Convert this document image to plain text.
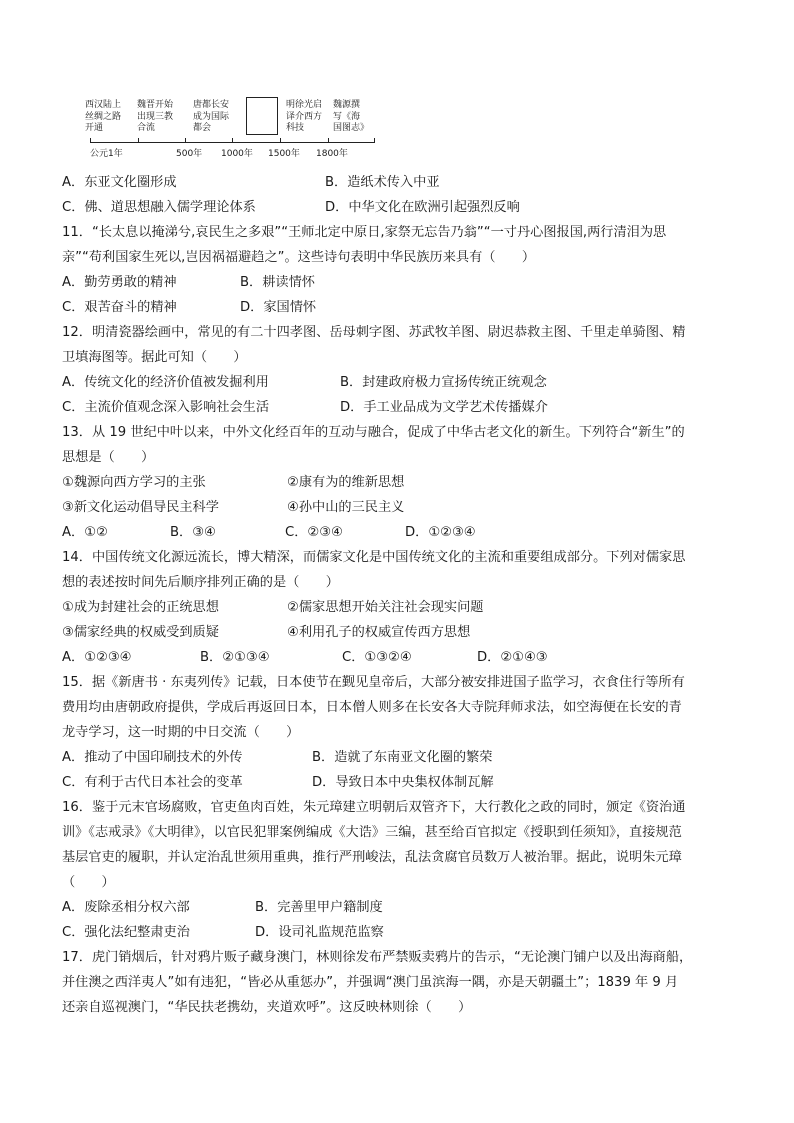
西汉陆上
丝绸之路
开通
魏晋开始
出现三教
合流
唐都长安
成为国际
都会
明徐光启
译介西方
科技
魏源撰
写《海
国图志》
公元1年	500年 1000年 1500年 1800年
A．东亚文化圈形成	B．造纸术传入中亚
C．佛、道思想融入儒学理论体系	D．中华文化在欧洲引起强烈反响
11．“长太息以掩涕兮,哀民生之多艰”“王师北定中原日,家祭无忘告乃翁”“一寸丹心图报国,两行清泪为思
亲”“苟利国家生死以,岂因祸福避趋之”。这些诗句表明中华民族历来具有（　　）
A．勤劳勇敢的精神	B．耕读情怀
C．艰苦奋斗的精神	D．家国情怀
12．明清瓷器绘画中，常见的有二十四孝图、岳母刺字图、苏武牧羊图、尉迟恭救主图、千里走单骑图、精
卫填海图等。据此可知（　　）
A．传统文化的经济价值被发掘利用	B．封建政府极力宣扬传统正统观念
C．主流价值观念深入影响社会生活	D．手工业品成为文学艺术传播媒介
13．从 19 世纪中叶以来，中外文化经百年的互动与融合，促成了中华古老文化的新生。下列符合“新生”的
思想是（　　）
①魏源向西方学习的主张	②康有为的维新思想
③新文化运动倡导民主科学	④孙中山的三民主义
A．①②	B．③④	C．②③④	D．①②③④
14．中国传统文化源远流长，博大精深，而儒家文化是中国传统文化的主流和重要组成部分。下列对儒家思
想的表述按时间先后顺序排列正确的是（　　）
①成为封建社会的正统思想	②儒家思想开始关注社会现实问题
③儒家经典的权威受到质疑	④利用孔子的权威宣传西方思想
A．①②③④	B．②①③④	C．①③②④	D．②①④③
15．据《新唐书 · 东夷列传》记载，日本使节在觐见皇帝后，大部分被安排进国子监学习，衣食住行等所有
费用均由唐朝政府提供，学成后再返回日本，日本僧人则多在长安各大寺院拜师求法，如空海便在长安的青
龙寺学习，这一时期的中日交流（　　）
A．推动了中国印刷技术的外传	B．造就了东南亚文化圈的繁荣
C．有利于古代日本社会的变革	D．导致日本中央集权体制瓦解
16．鉴于元末官场腐败，官吏鱼肉百姓，朱元璋建立明朝后双管齐下，大行教化之政的同时，颁定《资治通
训》《志戒录》《大明律》，以官民犯罪案例编成《大诰》三编，甚至给百官拟定《授职到任须知》，直接规范
基层官吏的履职，并认定治乱世须用重典，推行严刑峻法，乱法贪腐官员数万人被治罪。据此，说明朱元璋
（　　）
A．废除丞相分权六部	B．完善里甲户籍制度
C．强化法纪整肃吏治	D．设司礼监规范监察
17．虎门销烟后，针对鸦片贩子藏身澳门，林则徐发布严禁贩卖鸦片的告示，“无论澳门铺户以及出海商船，
并住澳之西洋夷人”如有违犯，“皆必从重惩办”，并强调“澳门虽滨海一隅，亦是天朝疆土”；1839 年 9 月
还亲自巡视澳门，“华民扶老携幼，夹道欢呼”。这反映林则徐（　　）
